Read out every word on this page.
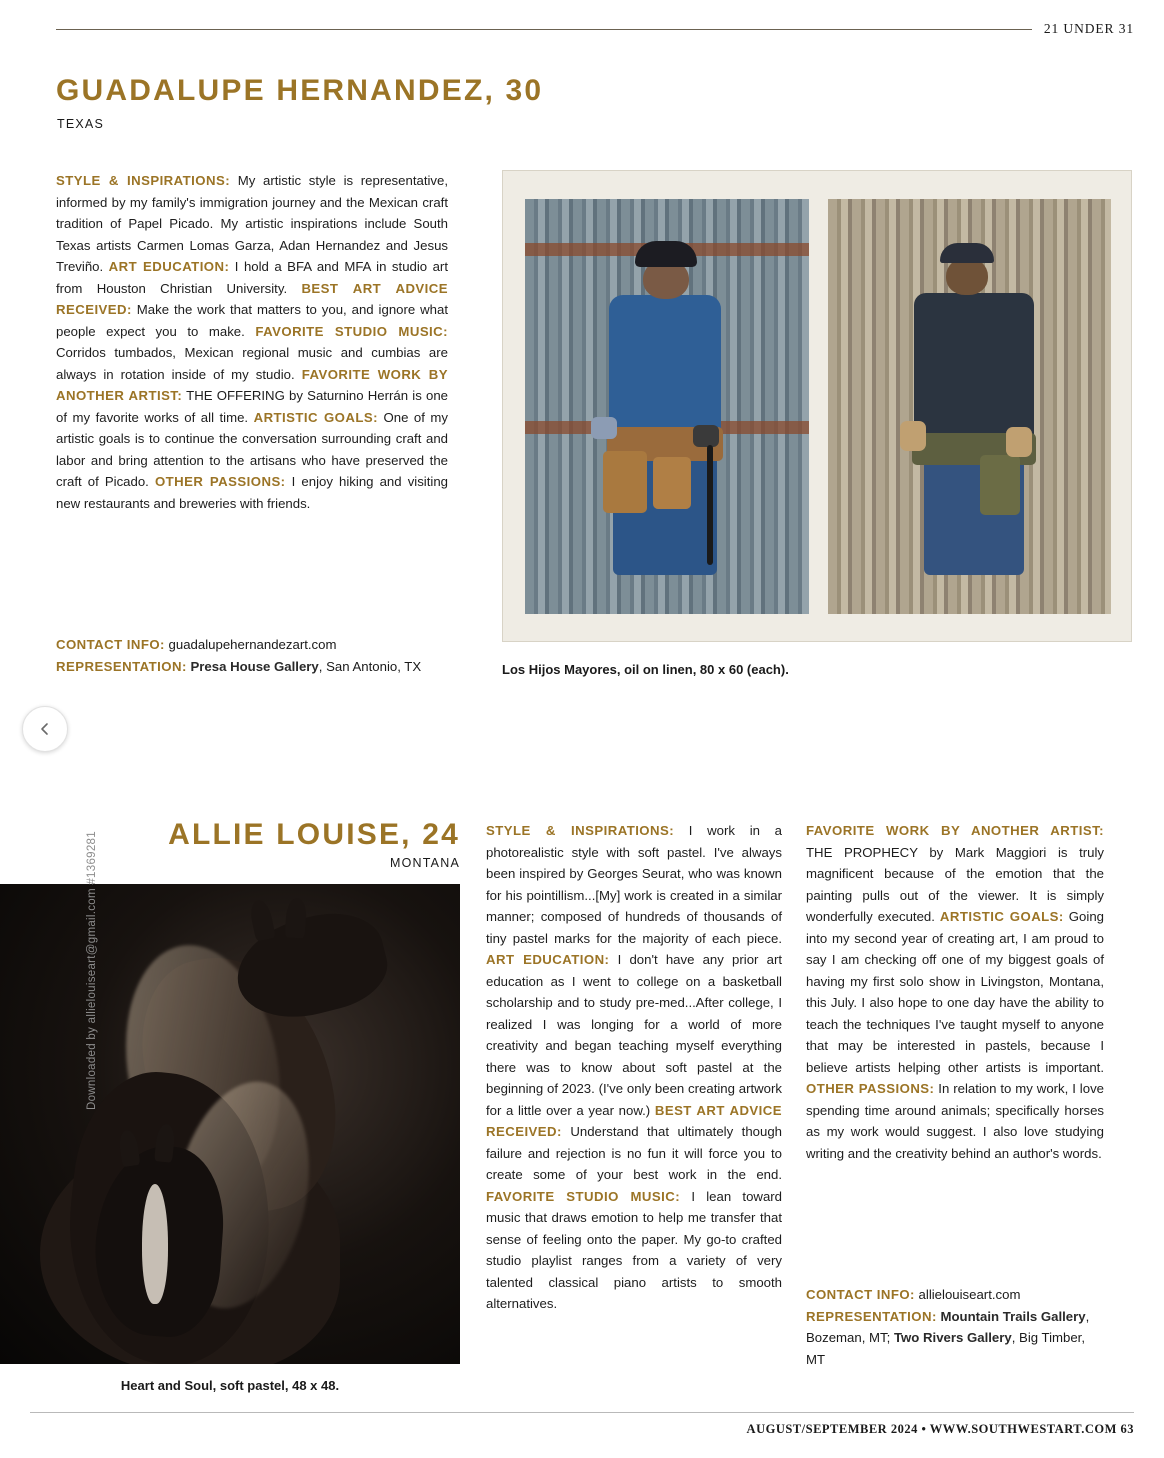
21 UNDER 31
GUADALUPE HERNANDEZ, 30
TEXAS
STYLE & INSPIRATIONS: My artistic style is representative, informed by my family's immigration journey and the Mexican craft tradition of Papel Picado. My artistic inspirations include South Texas artists Carmen Lomas Garza, Adan Hernandez and Jesus Treviño. ART EDUCATION: I hold a BFA and MFA in studio art from Houston Christian University. BEST ART ADVICE RECEIVED: Make the work that matters to you, and ignore what people expect you to make. FAVORITE STUDIO MUSIC: Corridos tumbados, Mexican regional music and cumbias are always in rotation inside of my studio. FAVORITE WORK BY ANOTHER ARTIST: THE OFFERING by Saturnino Herrán is one of my favorite works of all time. ARTISTIC GOALS: One of my artistic goals is to continue the conversation surrounding craft and labor and bring attention to the artisans who have preserved the craft of Picado. OTHER PASSIONS: I enjoy hiking and visiting new restaurants and breweries with friends.
CONTACT INFO: guadalupehernandezart.com
REPRESENTATION: Presa House Gallery, San Antonio, TX	Los Hijos Mayores, oil on linen, 80 x 60 (each).
ALLIE LOUISE, 24
MONTANA
Downloaded by allielouiseart@gmail.com #1369281
Heart and Soul, soft pastel, 48 x 48.
STYLE & INSPIRATIONS: I work in a photorealistic style with soft pastel. I've always been inspired by Georges Seurat, who was known for his pointillism...[My] work is created in a similar manner; composed of hundreds of thousands of tiny pastel marks for the majority of each piece. ART EDUCATION: I don't have any prior art education as I went to college on a basketball scholarship and to study pre-med...After college, I realized I was longing for a world of more creativity and began teaching myself everything there was to know about soft pastel at the beginning of 2023. (I've only been creating artwork for a little over a year now.) BEST ART ADVICE RECEIVED: Understand that ultimately though failure and rejection is no fun it will force you to create some of your best work in the end. FAVORITE STUDIO MUSIC: I lean toward music that draws emotion to help me transfer that sense of feeling onto the paper. My go-to crafted studio playlist ranges from a variety of very talented classical piano artists to smooth alternatives.
FAVORITE WORK BY ANOTHER ARTIST: THE PROPHECY by Mark Maggiori is truly magnificent because of the emotion that the painting pulls out of the viewer. It is simply wonderfully executed. ARTISTIC GOALS: Going into my second year of creating art, I am proud to say I am checking off one of my biggest goals of having my first solo show in Livingston, Montana, this July. I also hope to one day have the ability to teach the techniques I've taught myself to anyone that may be interested in pastels, because I believe artists helping other artists is important. OTHER PASSIONS: In relation to my work, I love spending time around animals; specifically horses as my work would suggest. I also love studying writing and the creativity behind an author's words.
CONTACT INFO: allielouiseart.com
REPRESENTATION: Mountain Trails Gallery, Bozeman, MT; Two Rivers Gallery, Big Timber, MT
AUGUST/SEPTEMBER 2024 • WWW.SOUTHWESTART.COM 63
